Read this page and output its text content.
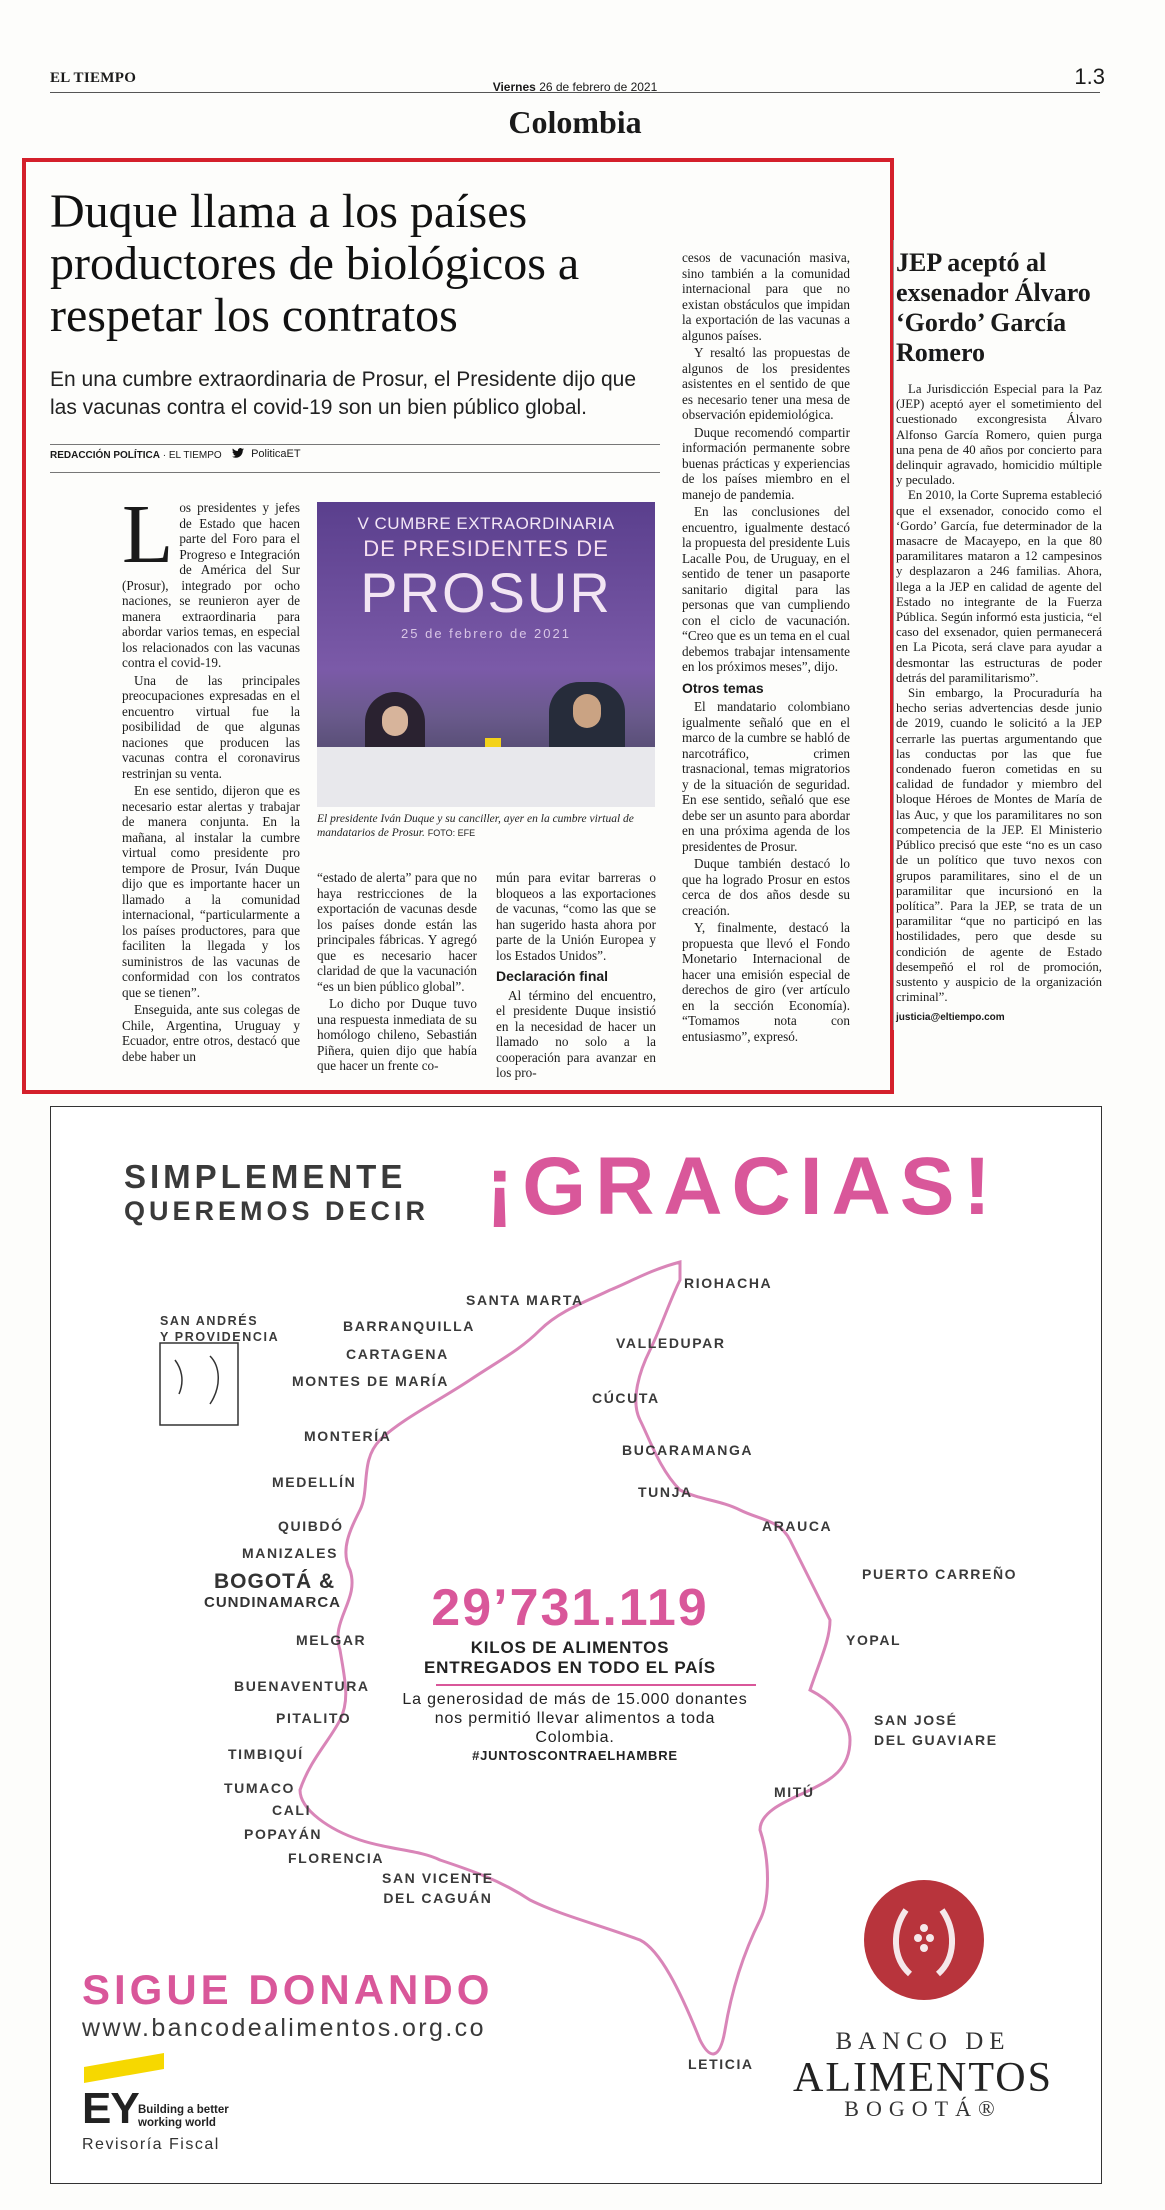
EL TIEMPO
Viernes 26 de febrero de 2021	1.3
Colombia
Duque llama a los países productores de biológicos a respetar los contratos
En una cumbre extraordinaria de Prosur, el Presidente dijo que las vacunas contra el covid-19 son un bien público global.
REDACCIÓN POLÍTICA · EL TIEMPO	PoliticaET
L os presidentes y jefes de Estado que hacen parte del Foro para el Progreso e Integración de América del Sur (Prosur), integrado por ocho naciones, se reunieron ayer de manera extraordinaria para abordar varios temas, en especial los relacionados con las vacunas contra el covid-19.

Una de las principales preocupaciones expresadas en el encuentro virtual fue la posibilidad de que algunas naciones que producen las vacunas contra el coronavirus restrinjan su venta.

En ese sentido, dijeron que es necesario estar alertas y trabajar de manera conjunta. En la mañana, al instalar la cumbre virtual como presidente pro tempore de Prosur, Iván Duque dijo que es importante hacer un llamado a la comunidad internacional, “particularmente a los países productores, para que faciliten la llegada y los suministros de las vacunas de conformidad con los contratos que se tienen”.

Enseguida, ante sus colegas de Chile, Argentina, Uruguay y Ecuador, entre otros, destacó que debe haber un

V CUMBRE EXTRAORDINARIA
DE PRESIDENTES DE
PROSUR
25 de febrero de 2021
El presidente Iván Duque y su canciller, ayer en la cumbre virtual de mandatarios de Prosur. FOTO: EFE

“estado de alerta” para que no haya restricciones de la exportación de vacunas desde los países donde están las principales fábricas. Y agregó que es necesario hacer claridad de que la vacunación “es un bien público global”.

Lo dicho por Duque tuvo una respuesta inmediata de su homólogo chileno, Sebastián Piñera, quien dijo que había que hacer un frente co-

mún para evitar barreras o bloqueos a las exportaciones de vacunas, “como las que se han sugerido hasta ahora por parte de la Unión Europea y los Estados Unidos”.

Declaración final

Al término del encuentro, el presidente Duque insistió en la necesidad de hacer un llamado no solo a la cooperación para avanzar en los pro-

cesos de vacunación masiva, sino también a la comunidad internacional para que no existan obstáculos que impidan la exportación de las vacunas a algunos países.

Y resaltó las propuestas de algunos de los presidentes asistentes en el sentido de que es necesario tener una mesa de observación epidemiológica.

Duque recomendó compartir información permanente sobre buenas prácticas y experiencias de los países miembro en el manejo de pandemia.

En las conclusiones del encuentro, igualmente destacó la propuesta del presidente Luis Lacalle Pou, de Uruguay, en el sentido de tener un pasaporte sanitario digital para las personas que van cumpliendo con el ciclo de vacunación. “Creo que es un tema en el cual debemos trabajar intensamente en los próximos meses”, dijo.

Otros temas

El mandatario colombiano igualmente señaló que en el marco de la cumbre se habló de narcotráfico, crimen trasnacional, temas migratorios y de la situación de seguridad. En ese sentido, señaló que ese debe ser un asunto para abordar en una próxima agenda de los presidentes de Prosur.

Duque también destacó lo que ha logrado Prosur en estos cerca de dos años desde su creación.

Y, finalmente, destacó la propuesta que llevó el Fondo Monetario Internacional de hacer una emisión especial de derechos de giro (ver artículo en la sección Economía). “Tomamos nota con entusiasmo”, expresó.

JEP aceptó al exsenador Álvaro ‘Gordo’ García Romero

La Jurisdicción Especial para la Paz (JEP) aceptó ayer el sometimiento del cuestionado excongresista Álvaro Alfonso García Romero, quien purga una pena de 40 años por concierto para delinquir agravado, homicidio múltiple y peculado.

En 2010, la Corte Suprema estableció que el exsenador, conocido como el ‘Gordo’ García, fue determinador de la masacre de Macayepo, en la que 80 paramilitares mataron a 12 campesinos y desplazaron a 246 familias. Ahora, llega a la JEP en calidad de agente del Estado no integrante de la Fuerza Pública. Según informó esta justicia, “el caso del exsenador, quien permanecerá en La Picota, será clave para ayudar a desmontar las estructuras de poder detrás del paramilitarismo”.

Sin embargo, la Procuraduría ha hecho serias advertencias desde junio de 2019, cuando le solicitó a la JEP cerrarle las puertas argumentando que las conductas por las que fue condenado fueron cometidas en su calidad de fundador y miembro del bloque Héroes de Montes de María de las Auc, y que los paramilitares no son competencia de la JEP. El Ministerio Público precisó que este “no es un caso de un político que tuvo nexos con grupos paramilitares, sino el de un paramilitar que incursionó en la política”. Para la JEP, se trata de un paramilitar “que no participó en las hostilidades, pero que desde su condición de agente de Estado desempeñó el rol de promoción, sustento y auspicio de la organización criminal”.

justicia@eltiempo.com
SIMPLEMENTE
QUEREMOS DECIR ¡GRACIAS!
SAN ANDRÉS
Y PROVIDENCIA
RIOHACHA
SANTA MARTA
BARRANQUILLA
CARTAGENA
MONTES DE MARÍA
VALLEDUPAR
CÚCUTA
MONTERÍA
BUCARAMANGA
MEDELLÍN
TUNJA
ARAUCA
QUIBDÓ
MANIZALES
PUERTO CARREÑO
BOGOTÁ &
CUNDINAMARCA
MELGAR	YOPAL
BUENAVENTURA
PITALITO	SAN JOSÉ
DEL GUAVIARE
TIMBIQUÍ
TUMACO	MITÚ
CALI
POPAYÁN
FLORENCIA
SAN VICENTE
DEL CAGUÁN
LETICIA
29’731.119
KILOS DE ALIMENTOS
ENTREGADOS EN TODO EL PAÍS
La generosidad de más de 15.000 donantes nos permitió llevar alimentos a toda Colombia.
#JUNTOSCONTRAELHAMBRE
SIGUE DONANDO
www.bancodealimentos.org.co
EY Building a better working world
Revisoría Fiscal
BANCO DE
ALIMENTOS
BOGOTÁ®
